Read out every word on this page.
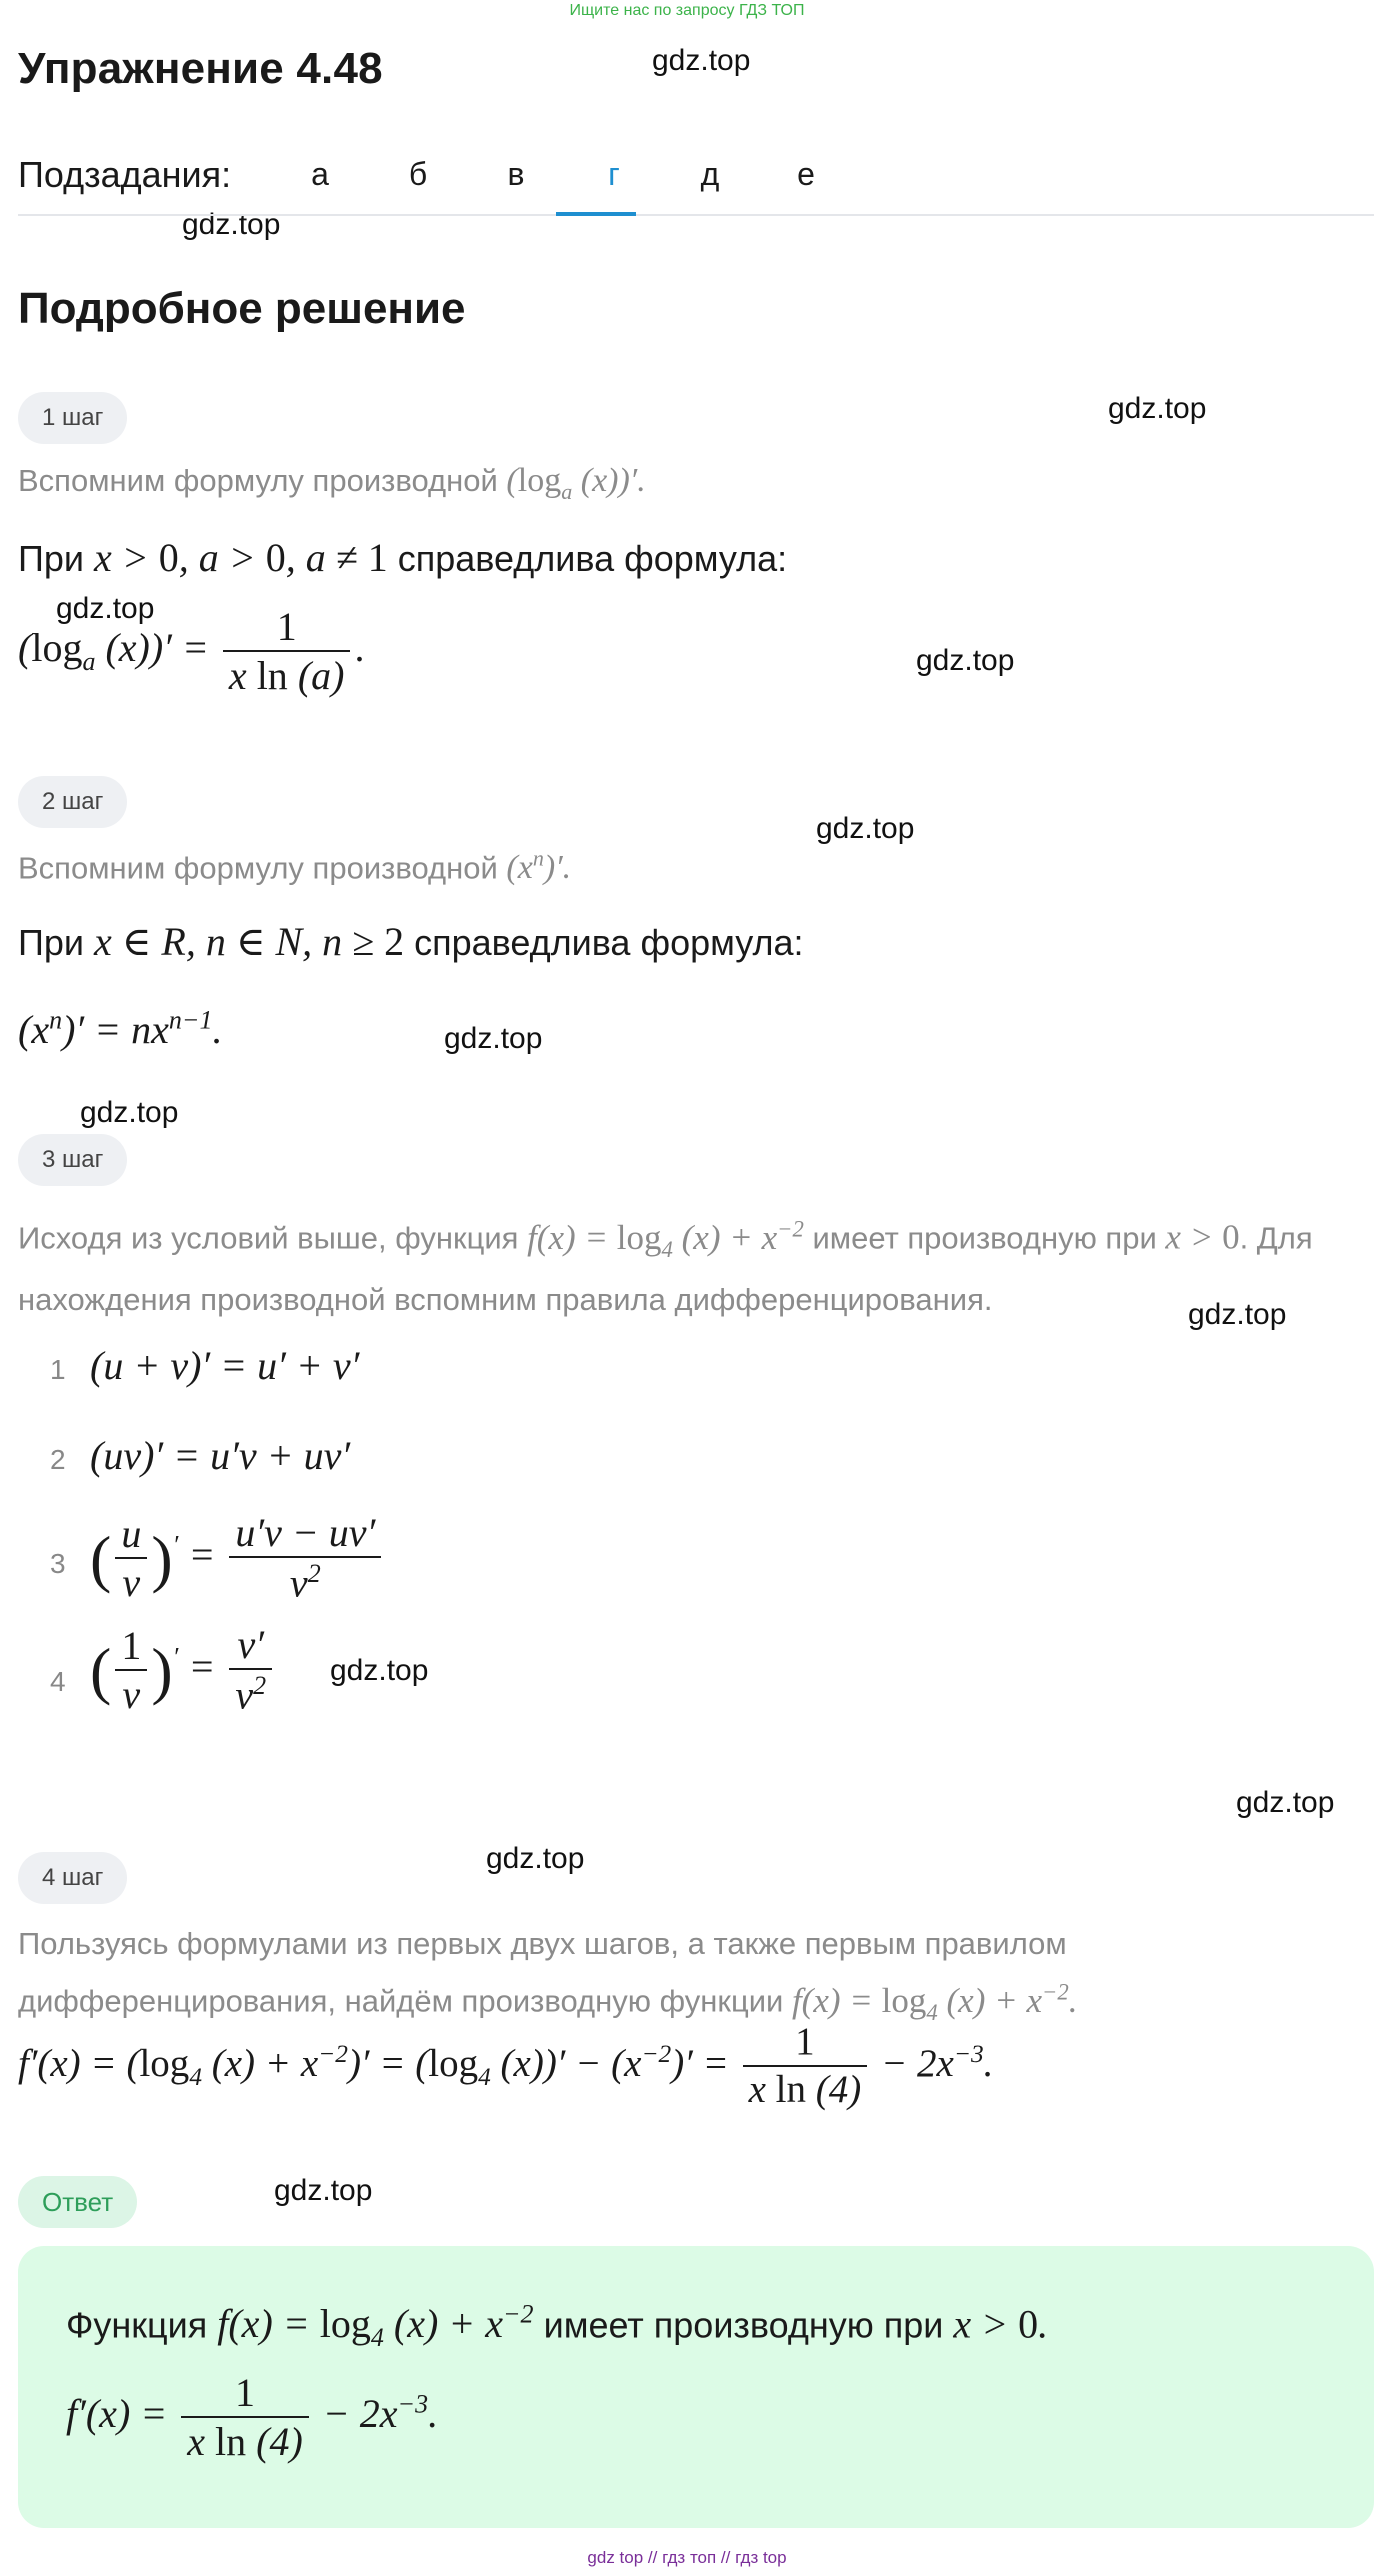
Ищите нас по запросу ГДЗ ТОП
Упражнение 4.48	gdz.top
gdz.top
gdz.top
gdz.top
gdz.top
gdz.top
gdz.top
gdz.top
gdz.top
gdz.top
gdz.top
gdz.top
gdz.top
Подзадания:	а	б	в	г	д	е
Подробное решение
1 шаг
Вспомним формулу производной ($\log_a$ (x))′.
При x > 0, a > 0, a ≠ 1 справедлива формула:
($\log_a$ $(x))' = \frac{1}{\text{x ln (a)}}$ .
2 шаг
Вспомним формулу производной $(x^n)'$.
При x ∈ R, n ∈ N, n ≥ 2 справедлива формула:
$(x^n)' = nx^{n-1}$.
3 шаг
Исходя из условий выше, функция $f(x) = \log_4 (x) + x^{-2}$ имеет производную при x > 0. Для нахождения производной вспомним правила дифференцирования.
1 (u + v)′ = u′ + v′
2 (uv)′ = u′v + uv′
3 ( $\frac{u}{v} )' = \frac{u'v - uv'}{v^2}$
4 ( $\frac{1}{v} )' = \frac{v'}{v^2}$
4 шаг
Пользуясь формулами из первых двух шагов, а также первым правилом
дифференцирования, найдём производную функции $f(x) = \log_4 (x) + x^{-2}$.
$f'(x) = (\log_4$ $(x) + x^{-2})' = (\log_4$ $(x))' - (x^{-2})' = \frac{1}{\text{x ln (4)}} - 2x^{-3}$.
Ответ
Функция $f(x) = \log_4 (x) + x^{-2}$ имеет производную при x > 0.
$f'(x) = \frac{1}{\text{x ln (4)}} - 2x^{-3}$.
gdz top // гдз топ // гдз top
